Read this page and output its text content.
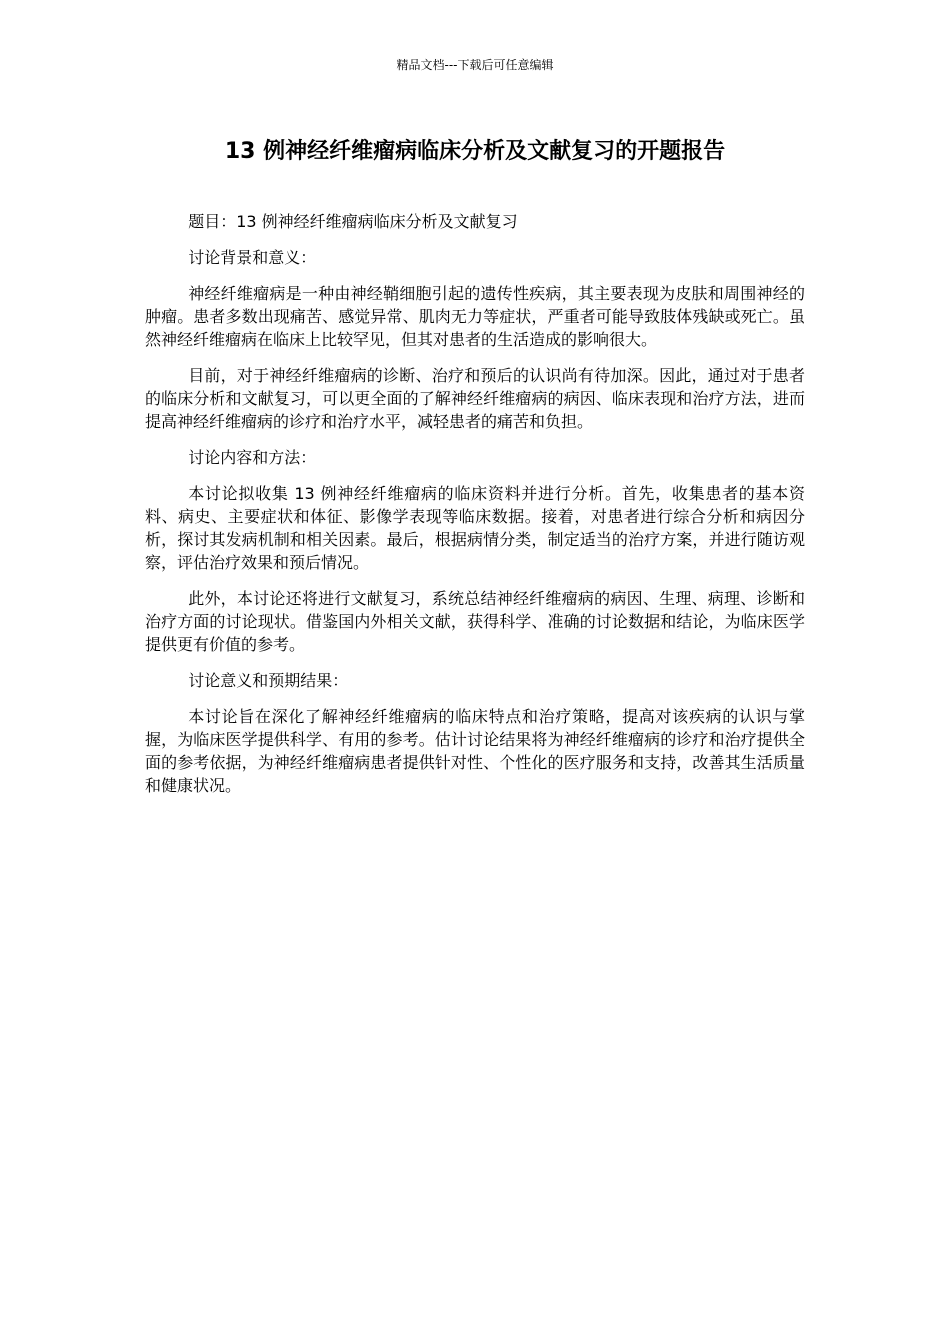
精品文档---下载后可任意编辑
13 例神经纤维瘤病临床分析及文献复习的开题报告

题目：13 例神经纤维瘤病临床分析及文献复习

讨论背景和意义：

神经纤维瘤病是一种由神经鞘细胞引起的遗传性疾病，其主要表现为皮肤和周围神经的肿瘤。患者多数出现痛苦、感觉异常、肌肉无力等症状，严重者可能导致肢体残缺或死亡。虽然神经纤维瘤病在临床上比较罕见，但其对患者的生活造成的影响很大。

目前，对于神经纤维瘤病的诊断、治疗和预后的认识尚有待加深。因此，通过对于患者的临床分析和文献复习，可以更全面的了解神经纤维瘤病的病因、临床表现和治疗方法，进而提高神经纤维瘤病的诊疗和治疗水平，减轻患者的痛苦和负担。

讨论内容和方法：

本讨论拟收集 13 例神经纤维瘤病的临床资料并进行分析。首先，收集患者的基本资料、病史、主要症状和体征、影像学表现等临床数据。接着，对患者进行综合分析和病因分析，探讨其发病机制和相关因素。最后，根据病情分类，制定适当的治疗方案，并进行随访观察，评估治疗效果和预后情况。

此外，本讨论还将进行文献复习，系统总结神经纤维瘤病的病因、生理、病理、诊断和治疗方面的讨论现状。借鉴国内外相关文献，获得科学、准确的讨论数据和结论，为临床医学提供更有价值的参考。

讨论意义和预期结果：

本讨论旨在深化了解神经纤维瘤病的临床特点和治疗策略，提高对该疾病的认识与掌握，为临床医学提供科学、有用的参考。估计讨论结果将为神经纤维瘤病的诊疗和治疗提供全面的参考依据，为神经纤维瘤病患者提供针对性、个性化的医疗服务和支持，改善其生活质量和健康状况。
